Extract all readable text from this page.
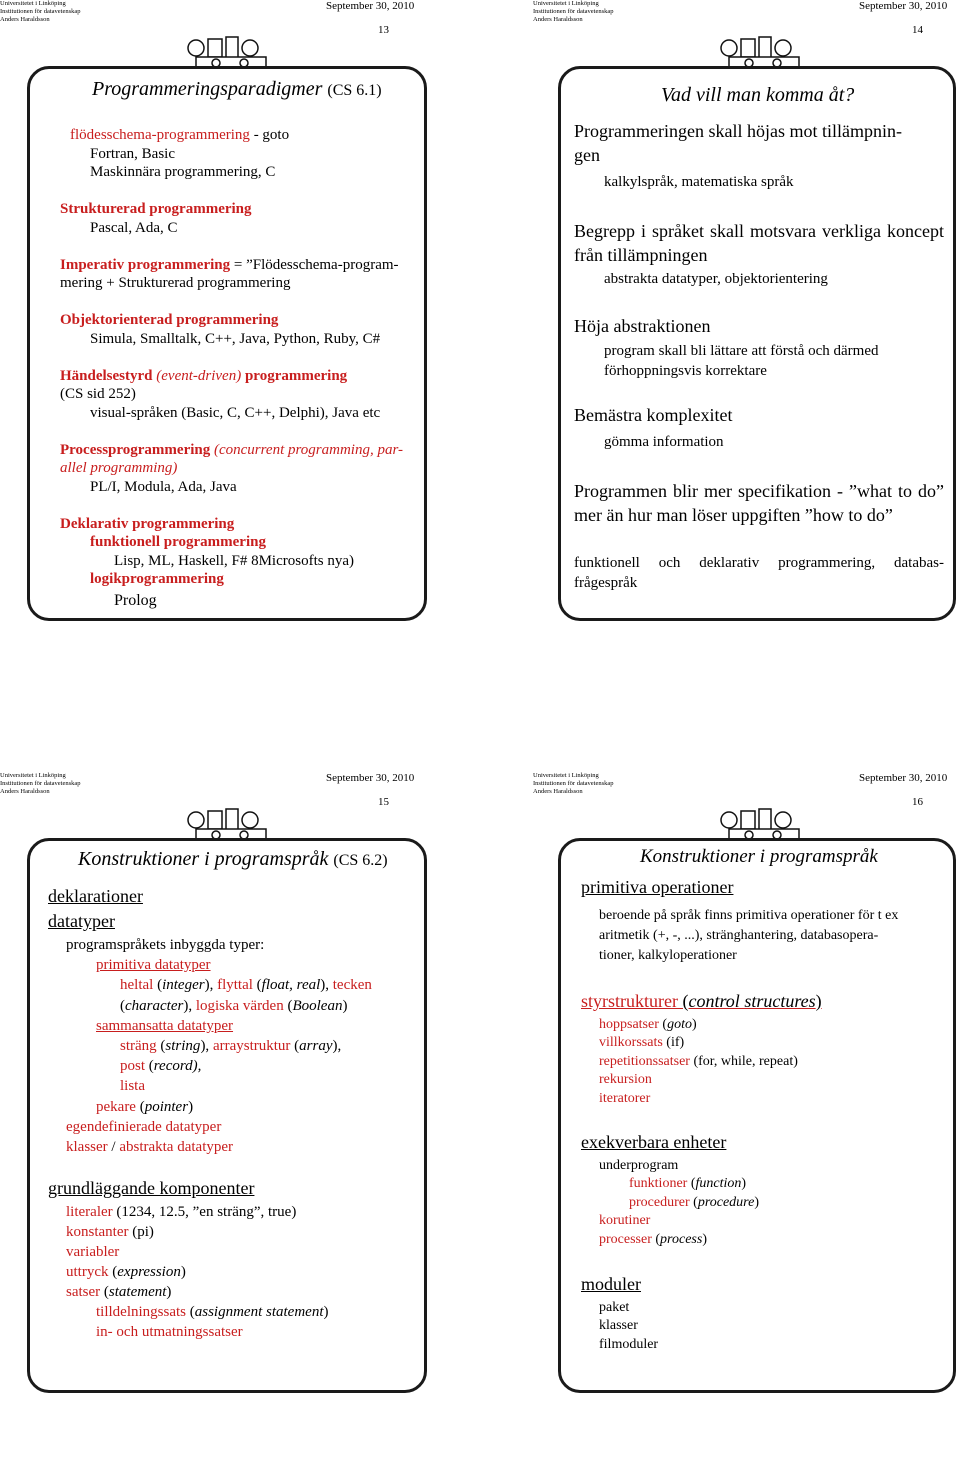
Universitetet i Linköping
Institutionen för datavetenskap
Anders Haraldsson
September 30, 2010
13
Programmeringsparadigmer (CS 6.1)
flödesschema-programmering - goto
Fortran, Basic
Maskinnära programmering, C
Strukturerad programmering
Pascal, Ada, C
Imperativ programmering = ”Flödesschema-program-
mering + Strukturerad programmering
Objektorienterad programmering
Simula, Smalltalk, C++, Java, Python, Ruby, C#
Händelsestyrd (event-driven) programmering
(CS sid 252)
visual-språken (Basic, C, C++, Delphi), Java etc
Processprogrammering (concurrent programming, par-
allel programming)
PL/I, Modula, Ada, Java
Deklarativ programmering
funktionell programmering
Lisp, ML, Haskell, F# 8Microsofts nya)
logikprogrammering
Prolog
Universitetet i Linköping
Institutionen för datavetenskap
Anders Haraldsson
September 30, 2010
14
Vad vill man komma åt?
Programmeringen skall höjas mot tillämpnin-
gen
kalkylspråk, matematiska språk
Begrepp i språket skall motsvara verkliga koncept från tillämpningen
abstrakta datatyper, objektorientering
Höja abstraktionen
program skall bli lättare att förstå och därmed
förhoppningsvis korrektare
Bemästra komplexitet
gömma information
Programmen blir mer specifikation - ”what to do” mer än hur man löser uppgiften ”how to do”
funktionell och deklarativ programmering, databas-frågespråk
Universitetet i Linköping
Institutionen för datavetenskap
Anders Haraldsson
September 30, 2010
15
Konstruktioner i programspråk (CS 6.2)
deklarationer
datatyper
programspråkets inbyggda typer:
primitiva datatyper
heltal (integer), flyttal (float, real), tecken
(character), logiska värden (Boolean)
sammansatta datatyper
sträng (string), arraystruktur (array),
post (record),
lista
pekare (pointer)
egendefinierade datatyper
klasser / abstrakta datatyper
grundläggande komponenter
literaler (1234, 12.5, ”en sträng”, true)
konstanter (pi)
variabler
uttryck (expression)
satser (statement)
tilldelningssats (assignment statement)
in- och utmatningssatser
Universitetet i Linköping
Institutionen för datavetenskap
Anders Haraldsson
September 30, 2010
16
Konstruktioner i programspråk
primitiva operationer
beroende på språk finns primitiva operationer för t ex
aritmetik (+, -, ...), stränghantering, databasopera-
tioner, kalkyloperationer
styrstrukturer (control structures)
hoppsatser (goto)
villkorssats (if)
repetitionssatser (for, while, repeat)
rekursion
iteratorer
exekverbara enheter
underprogram
funktioner (function)
procedurer (procedure)
korutiner
processer (process)
moduler
paket
klasser
filmoduler
